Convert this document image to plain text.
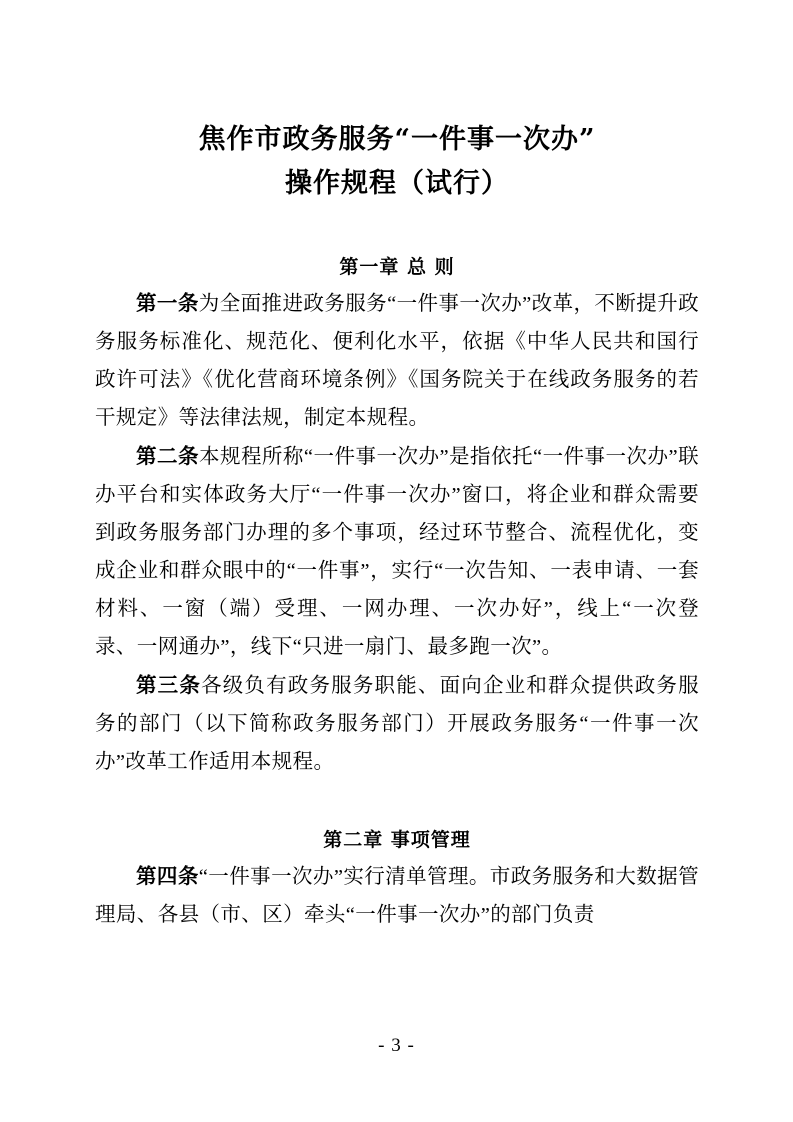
焦作市政务服务“一件事一次办”
操作规程（试行）
第一章 总 则

第一条为全面推进政务服务“一件事一次办”改革，不断提升政务服务标准化、规范化、便利化水平，依据《中华人民共和国行政许可法》《优化营商环境条例》《国务院关于在线政务服务的若干规定》等法律法规，制定本规程。

第二条本规程所称“一件事一次办”是指依托“一件事一次办”联办平台和实体政务大厅“一件事一次办”窗口，将企业和群众需要到政务服务部门办理的多个事项，经过环节整合、流程优化，变成企业和群众眼中的“一件事”，实行“一次告知、一表申请、一套材料、一窗（端）受理、一网办理、一次办好”，线上“一次登录、一网通办”，线下“只进一扇门、最多跑一次”。

第三条各级负有政务服务职能、面向企业和群众提供政务服务的部门（以下简称政务服务部门）开展政务服务“一件事一次办”改革工作适用本规程。

第二章 事项管理

第四条“一件事一次办”实行清单管理。市政务服务和大数据管理局、各县（市、区）牵头“一件事一次办”的部门负责

- 3 -
